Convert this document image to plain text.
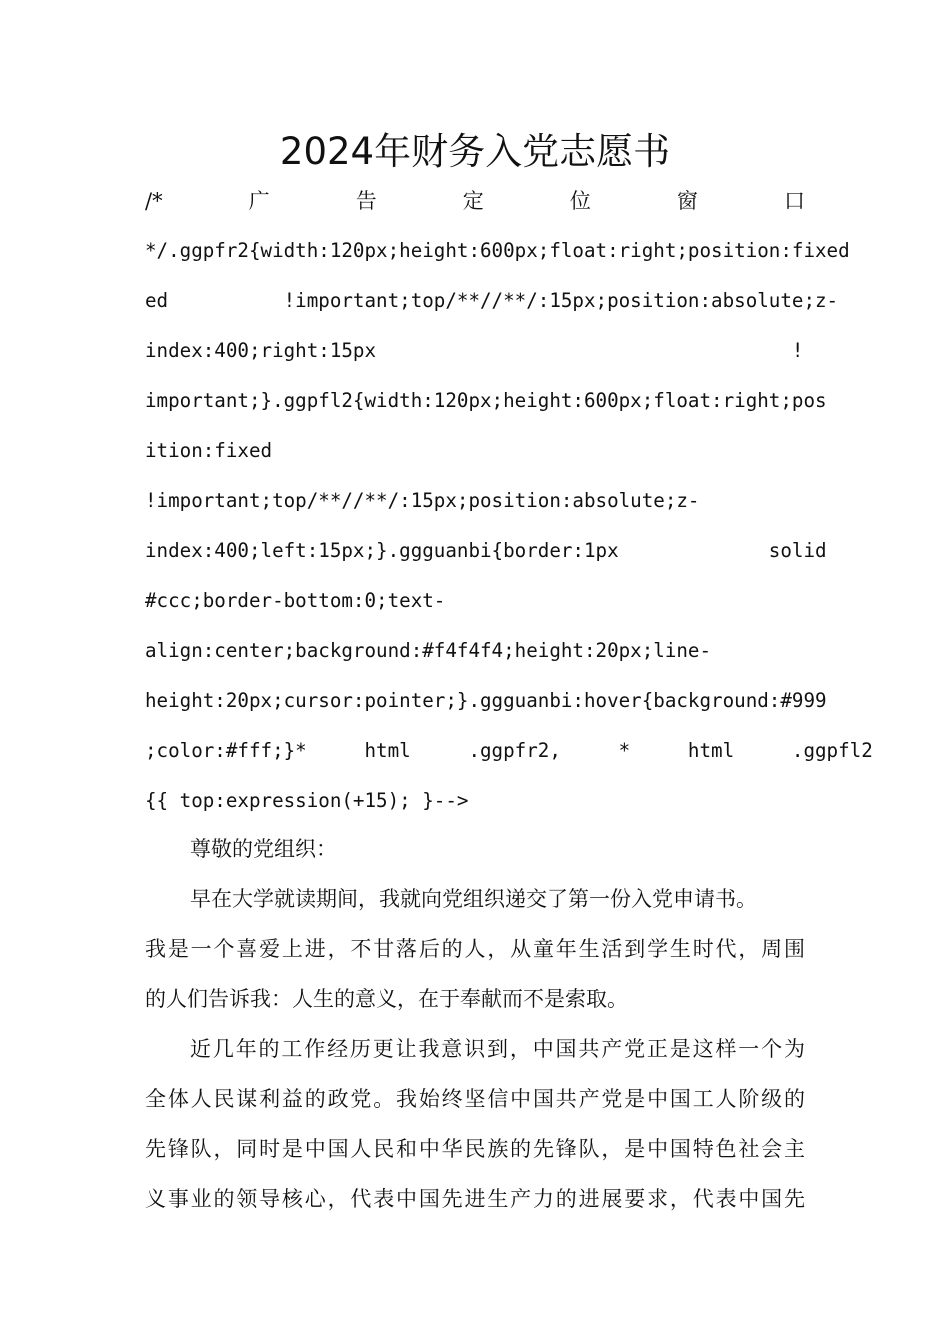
2024年财务入党志愿书
/*　　　广　　　告　　　定　　　位　　　窗　　　口
*/.ggpfr2{width:120px;height:600px;float:right;position:fixed
ed          !important;top/**//**/:15px;position:absolute;z-
index:400;right:15px                                    !
important;}.ggpfl2{width:120px;height:600px;float:right;pos
ition:fixed
!important;top/**//**/:15px;position:absolute;z-
index:400;left:15px;}.ggguanbi{border:1px             solid
#ccc;border-bottom:0;text-
align:center;background:#f4f4f4;height:20px;line-
height:20px;cursor:pointer;}.ggguanbi:hover{background:#999
;color:#fff;}*     html     .ggpfr2,     *     html     .ggpfl2
{{ top:expression(+15); }-->
尊敬的党组织：
早在大学就读期间，我就向党组织递交了第一份入党申请书。
我是一个喜爱上进，不甘落后的人，从童年生活到学生时代，周围
的人们告诉我：人生的意义，在于奉献而不是索取。
近几年的工作经历更让我意识到，中国共产党正是这样一个为
全体人民谋利益的政党。我始终坚信中国共产党是中国工人阶级的
先锋队，同时是中国人民和中华民族的先锋队，是中国特色社会主
义事业的领导核心，代表中国先进生产力的进展要求，代表中国先
